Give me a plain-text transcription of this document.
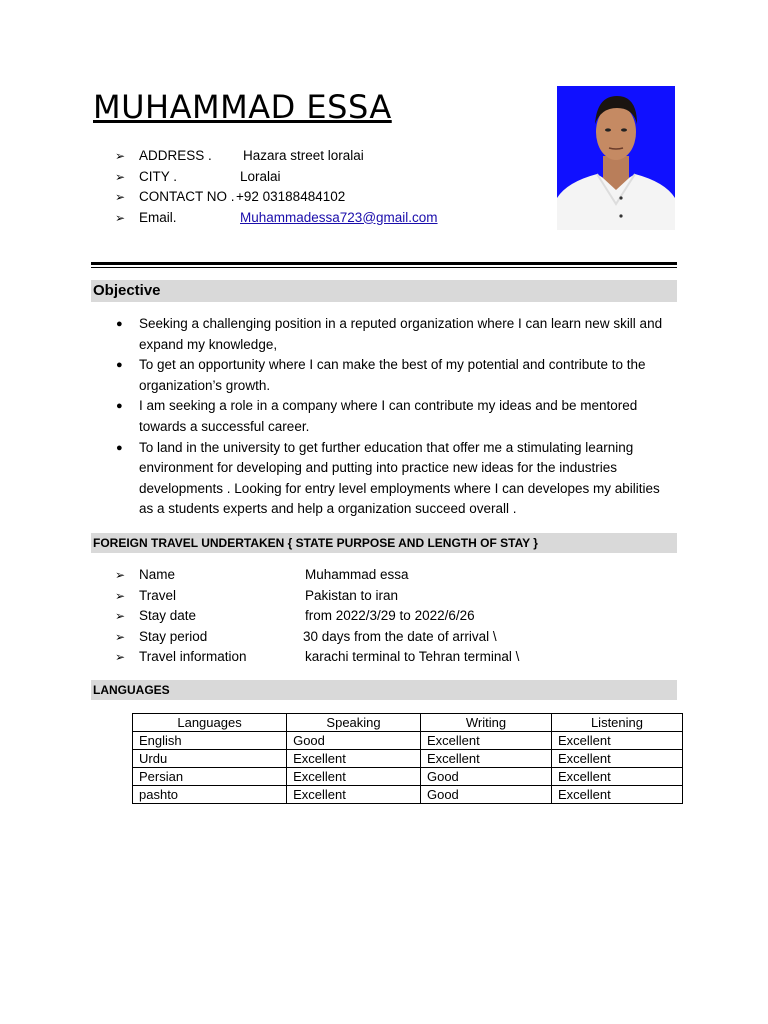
MUHAMMAD ESSA
➢ ADDRESS . Hazara street loralai
➢ CITY .	Loralai
➢ CONTACT NO . +92 03188484102
➢ Email.	Muhammadessa723@gmail.com
Objective
● Seeking a challenging position in a reputed organization where I can learn new skill and expand my knowledge,
● To get an opportunity where I can make the best of my potential and contribute to the organization’s growth.
● I am seeking a role in a company where I can contribute my ideas and be mentored towards a successful career.
● To land in the university to get further education that offer me a stimulating learning environment for developing and putting into practice new ideas for the industries developments . Looking for entry level employments where I can developes my abilities as a students experts and help a organization succeed overall .
FOREIGN TRAVEL UNDERTAKEN { STATE PURPOSE AND LENGTH OF STAY }
➢ Name	Muhammad essa
➢ Travel	Pakistan to iran
➢ Stay date	from 2022/3/29 to 2022/6/26
➢ Stay period	30 days from the date of arrival \
➢ Travel information	karachi terminal to Tehran terminal \
LANGUAGES
Languages	Speaking	Writing	Listening
English	Good	Excellent	Excellent
Urdu	Excellent	Excellent	Excellent
Persian	Excellent	Good	Excellent
pashto	Excellent	Good	Excellent
